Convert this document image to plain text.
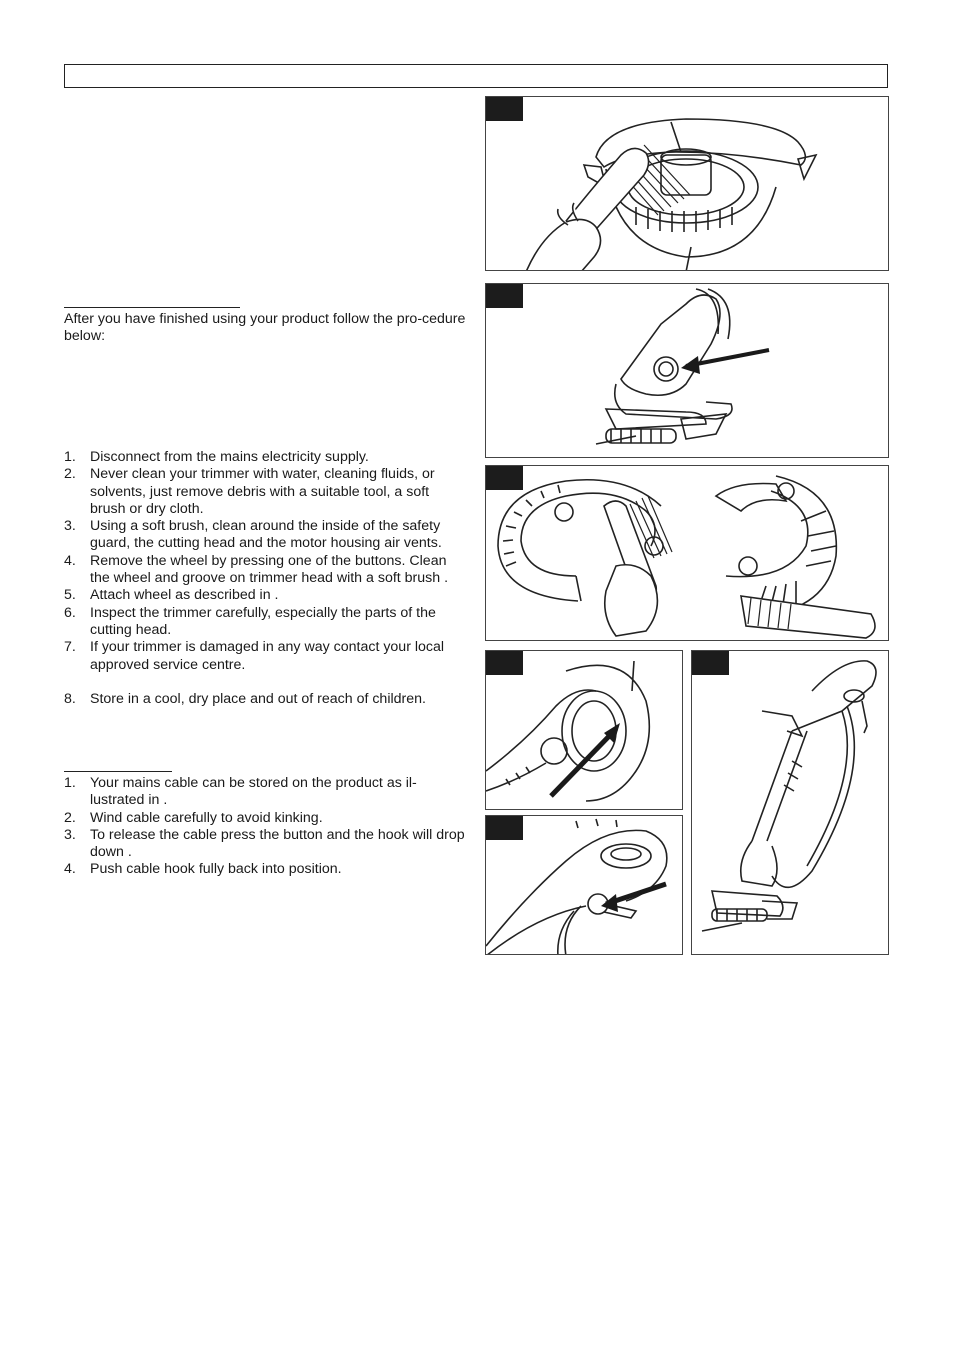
After you have finished using your product follow the pro-cedure below:
1. Disconnect from the mains electricity supply.
2. Never clean your trimmer with water, cleaning fluids, or solvents, just remove debris with a suitable tool, a soft brush or dry cloth.
3. Using a soft brush, clean around the inside of the safety guard, the cutting head and the motor housing air vents.
4. Remove the wheel by pressing one of the buttons. Clean the wheel and groove on trimmer head with a soft brush .
5. Attach wheel as described in .
6. Inspect the trimmer carefully, especially the parts of the cutting head.
7. If your trimmer is damaged in any way contact your local approved service centre.
8. Store in a cool, dry place and out of reach of children.
1. Your mains cable can be stored on the product as il-lustrated in .
2. Wind cable carefully to avoid kinking.
3. To release the cable press the button and the hook will drop down .
4. Push cable hook fully back into position.
